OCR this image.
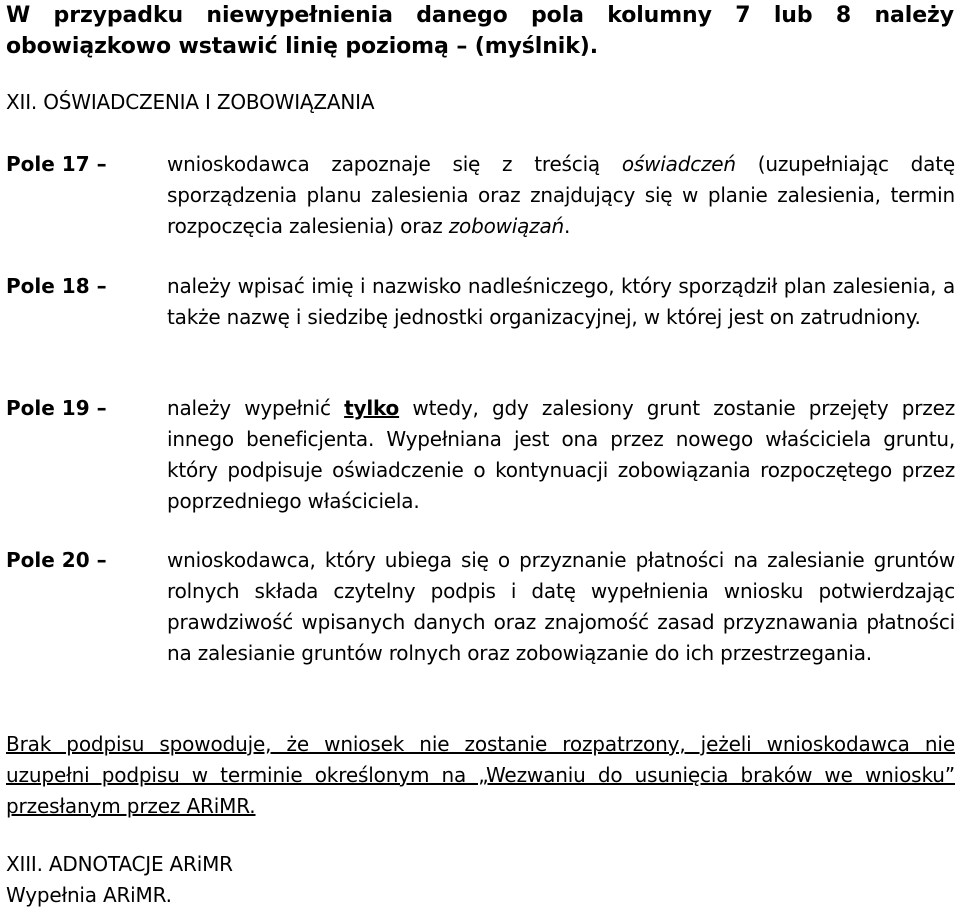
W przypadku niewypełnienia danego pola kolumny 7 lub 8 należy obowiązkowo wstawić linię poziomą – (myślnik).

XII. OŚWIADCZENIA I ZOBOWIĄZANIA
Pole 17 –	wnioskodawca zapoznaje się z treścią oświadczeń (uzupełniając datę sporządzenia planu zalesienia oraz znajdujący się w planie zalesienia, termin rozpoczęcia zalesienia) oraz zobowiązań.

Pole 18 –	należy wpisać imię i nazwisko nadleśniczego, który sporządził plan zalesienia, a także nazwę i siedzibę jednostki organizacyjnej, w której jest on zatrudniony.

Pole 19 –	należy wypełnić tylko wtedy, gdy zalesiony grunt zostanie przejęty przez innego beneficjenta. Wypełniana jest ona przez nowego właściciela gruntu, który podpisuje oświadczenie o kontynuacji zobowiązania rozpoczętego przez poprzedniego właściciela.

Pole 20 –	wnioskodawca, który ubiega się o przyznanie płatności na zalesianie gruntów rolnych składa czytelny podpis i datę wypełnienia wniosku potwierdzając prawdziwość wpisanych danych oraz znajomość zasad przyznawania płatności na zalesianie gruntów rolnych oraz zobowiązanie do ich przestrzegania.

Brak podpisu spowoduje, że wniosek nie zostanie rozpatrzony, jeżeli wnioskodawca nie uzupełni podpisu w terminie określonym na „Wezwaniu do usunięcia braków we wniosku” przesłanym przez ARiMR.

XIII. ADNOTACJE ARiMR
Wypełnia ARiMR.
